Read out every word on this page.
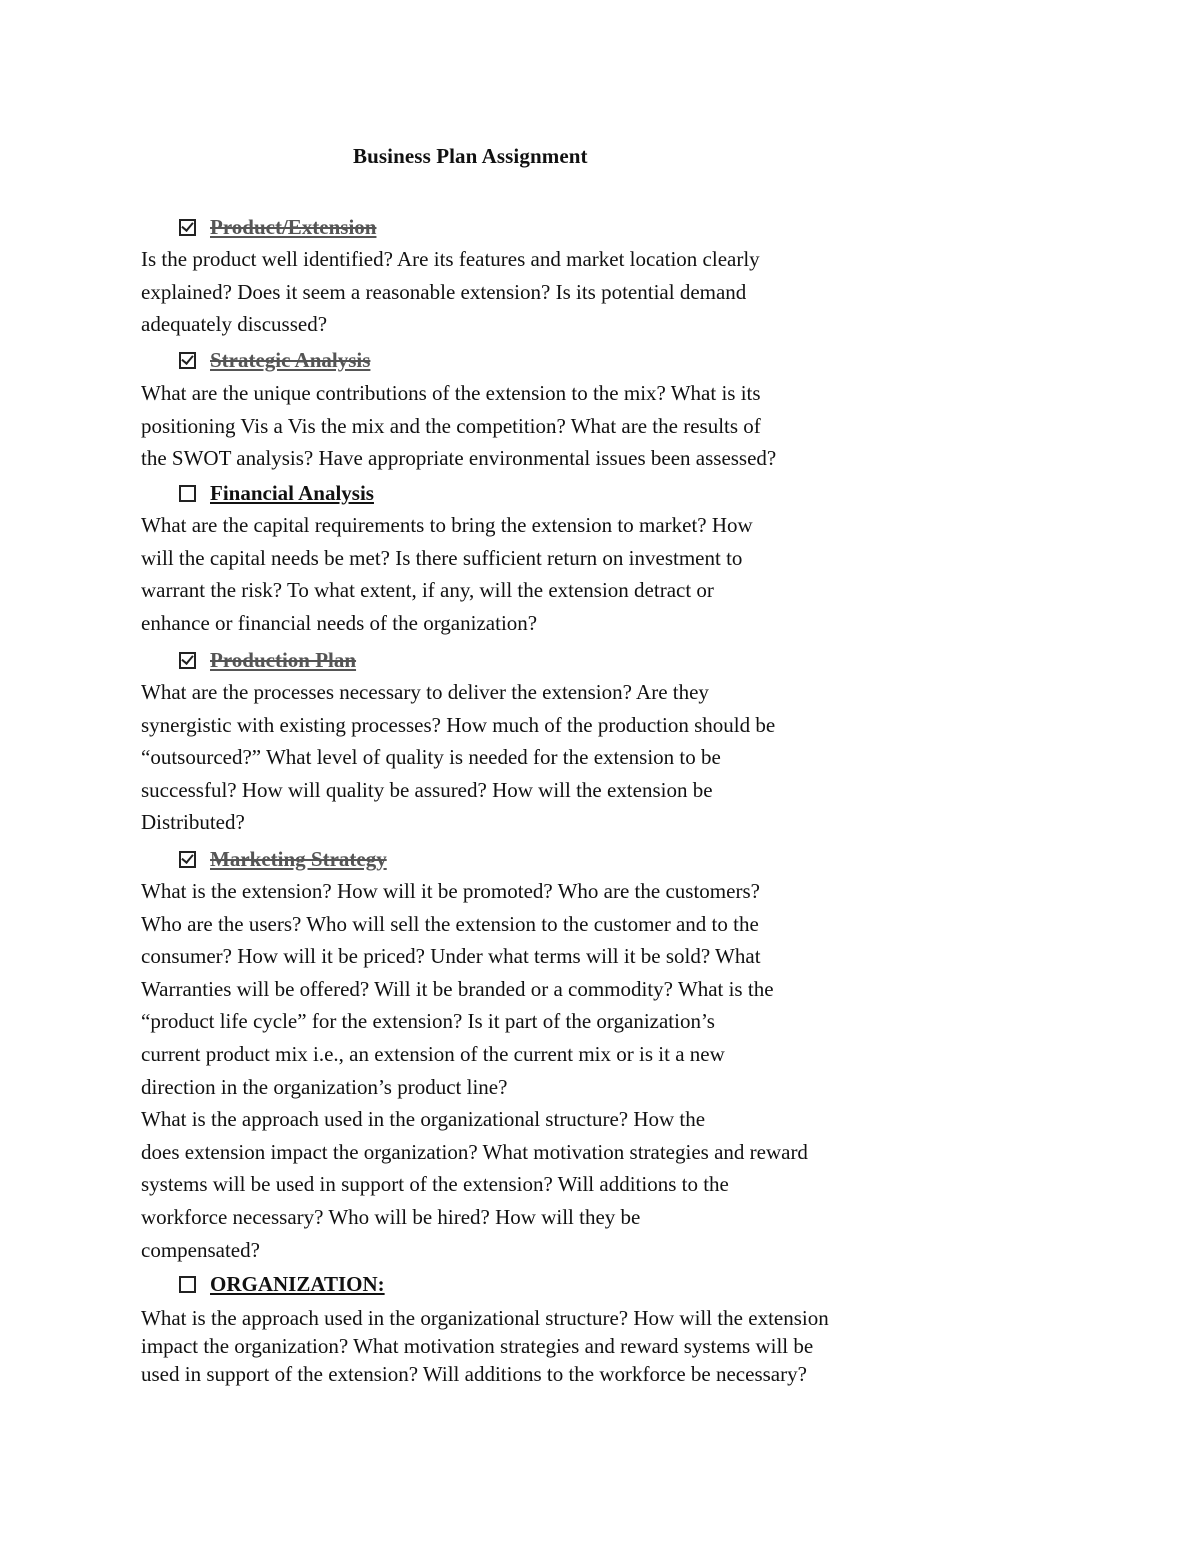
Business Plan Assignment
Product/Extension
Is the product well identified? Are its features and market location clearly
explained? Does it seem a reasonable extension? Is its potential demand
adequately discussed?
Strategic Analysis
What are the unique contributions of the extension to the mix? What is its
positioning Vis a Vis the mix and the competition? What are the results of
the SWOT analysis? Have appropriate environmental issues been assessed?
Financial Analysis
What are the capital requirements to bring the extension to market? How
will the capital needs be met? Is there sufficient return on investment to
warrant the risk? To what extent, if any, will the extension detract or
enhance or financial needs of the organization?
Production Plan
What are the processes necessary to deliver the extension? Are they
synergistic with existing processes? How much of the production should be
“outsourced?” What level of quality is needed for the extension to be
successful? How will quality be assured? How will the extension be
Distributed?
Marketing Strategy
What is the extension? How will it be promoted? Who are the customers?
Who are the users? Who will sell the extension to the customer and to the
consumer? How will it be priced? Under what terms will it be sold? What
Warranties will be offered? Will it be branded or a commodity? What is the
“product life cycle” for the extension? Is it part of the organization’s
current product mix i.e., an extension of the current mix or is it a new
direction in the organization’s product line?
What is the approach used in the organizational structure? How the
does extension impact the organization? What motivation strategies and reward
systems will be used in support of the extension? Will additions to the
workforce necessary? Who will be hired? How will they be
compensated?
ORGANIZATION:
What is the approach used in the organizational structure? How will the extension
impact the organization? What motivation strategies and reward systems will be
used in support of the extension? Will additions to the workforce be necessary?
